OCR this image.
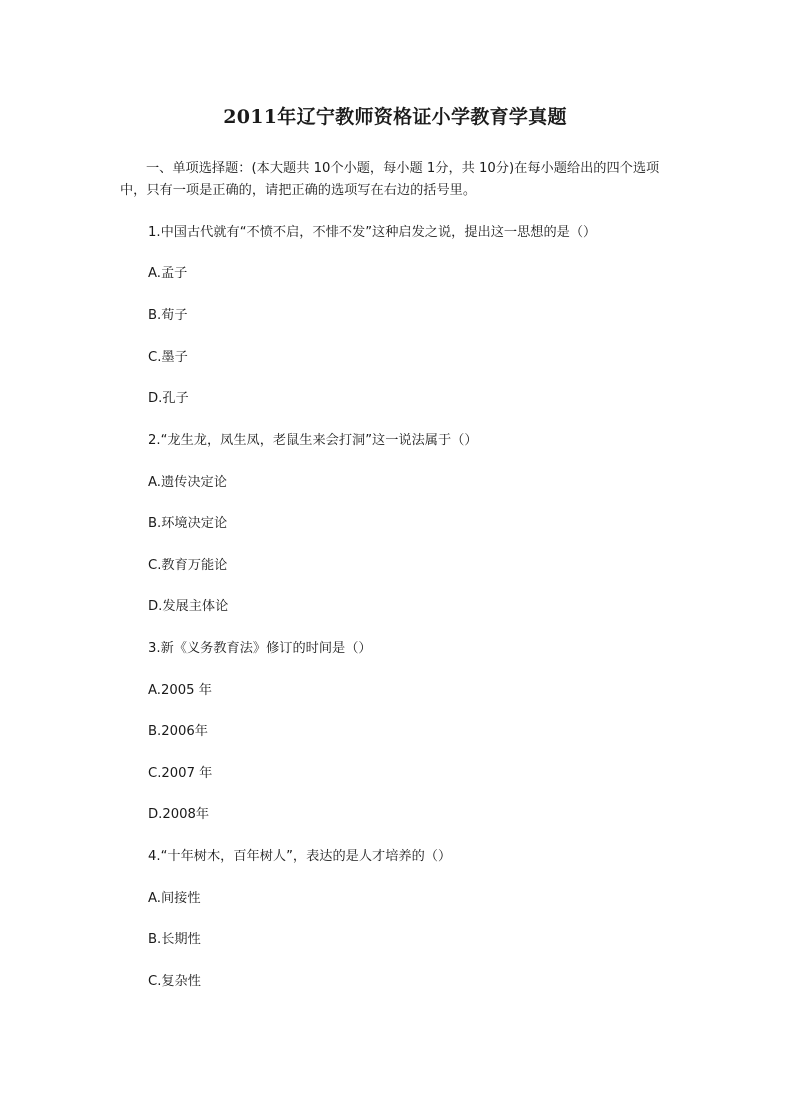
2011年辽宁教师资格证小学教育学真题

一、单项选择题：(本大题共 10个小题，每小题 1分，共 10分)在每小题给出的四个选项中，只有一项是正确的，请把正确的选项写在右边的括号里。

1.中国古代就有“不愤不启，不悱不发”这种启发之说，提出这一思想的是（）

A.孟子

B.荀子

C.墨子

D.孔子

2.“龙生龙，凤生凤，老鼠生来会打洞”这一说法属于（）

A.遗传决定论

B.环境决定论

C.教育万能论

D.发展主体论

3.新《义务教育法》修订的时间是（）

A.2005 年

B.2006年

C.2007 年

D.2008年

4.“十年树木，百年树人”，表达的是人才培养的（）

A.间接性

B.长期性

C.复杂性
